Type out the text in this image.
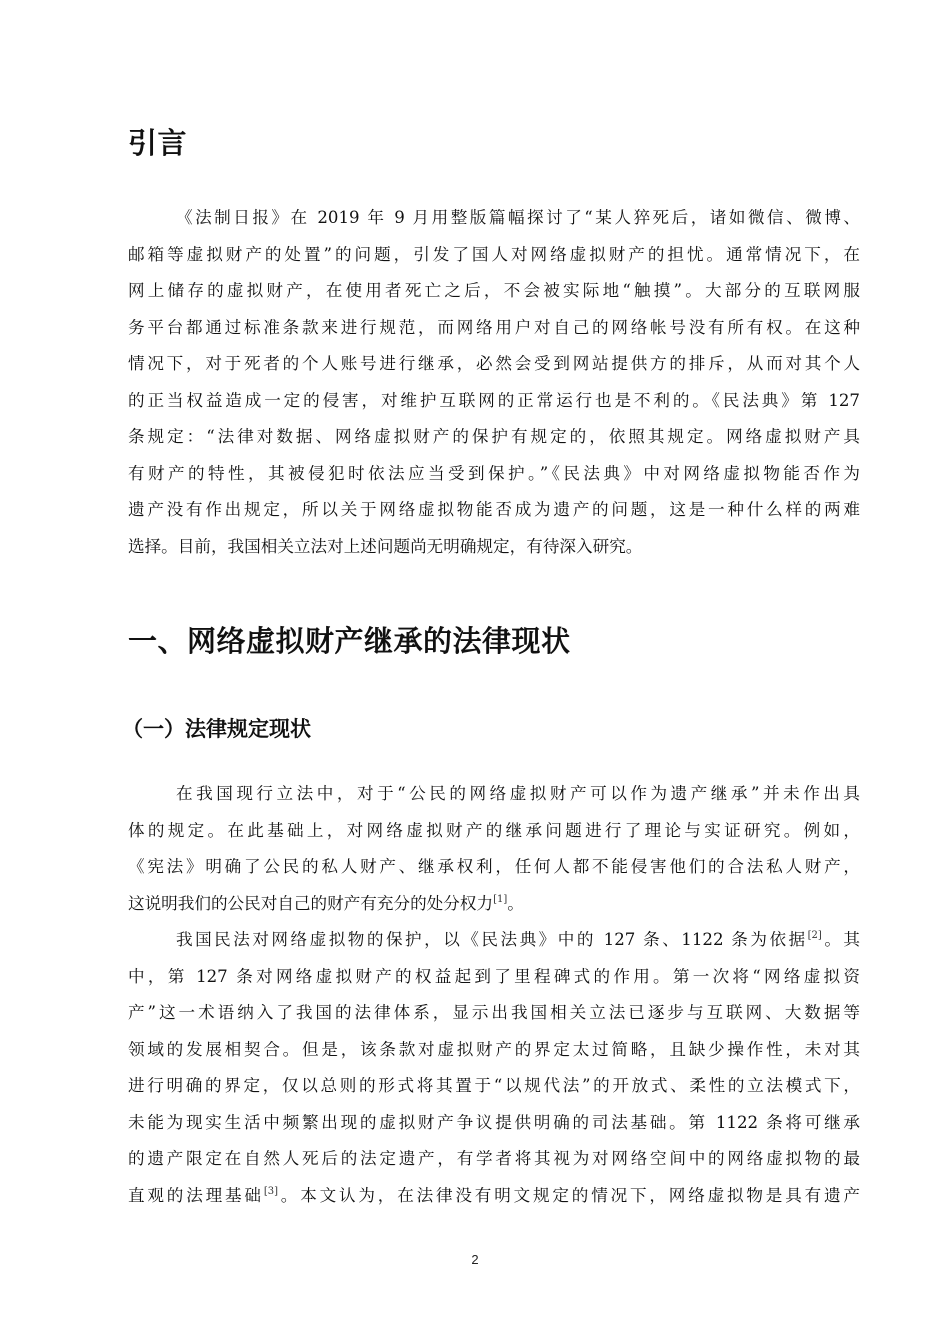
引言
《法制日报》在 2019 年 9 月用整版篇幅探讨了“某人猝死后，诸如微信、微博、
邮箱等虚拟财产的处置”的问题，引发了国人对网络虚拟财产的担忧。通常情况下，在
网上储存的虚拟财产，在使用者死亡之后，不会被实际地“触摸”。大部分的互联网服
务平台都通过标准条款来进行规范，而网络用户对自己的网络帐号没有所有权。在这种
情况下，对于死者的个人账号进行继承，必然会受到网站提供方的排斥，从而对其个人
的正当权益造成一定的侵害，对维护互联网的正常运行也是不利的。《民法典》第 127
条规定：“法律对数据、网络虚拟财产的保护有规定的，依照其规定。网络虚拟财产具
有财产的特性，其被侵犯时依法应当受到保护。”《民法典》中对网络虚拟物能否作为
遗产没有作出规定，所以关于网络虚拟物能否成为遗产的问题，这是一种什么样的两难
选择。目前，我国相关立法对上述问题尚无明确规定，有待深入研究。
一、网络虚拟财产继承的法律现状
（一）法律规定现状
在我国现行立法中，对于“公民的网络虚拟财产可以作为遗产继承”并未作出具
体的规定。在此基础上，对网络虚拟财产的继承问题进行了理论与实证研究。例如，
《宪法》明确了公民的私人财产、继承权利，任何人都不能侵害他们的合法私人财产，
这说明我们的公民对自己的财产有充分的处分权力[1]。
我国民法对网络虚拟物的保护，以《民法典》中的 127 条、1122 条为依据[2]。其
中，第 127 条对网络虚拟财产的权益起到了里程碑式的作用。第一次将“网络虚拟资
产”这一术语纳入了我国的法律体系，显示出我国相关立法已逐步与互联网、大数据等
领域的发展相契合。但是，该条款对虚拟财产的界定太过简略，且缺少操作性，未对其
进行明确的界定，仅以总则的形式将其置于“以规代法”的开放式、柔性的立法模式下，
未能为现实生活中频繁出现的虚拟财产争议提供明确的司法基础。第 1122 条将可继承
的遗产限定在自然人死后的法定遗产，有学者将其视为对网络空间中的网络虚拟物的最
直观的法理基础[3]。本文认为，在法律没有明文规定的情况下，网络虚拟物是具有遗产
2
